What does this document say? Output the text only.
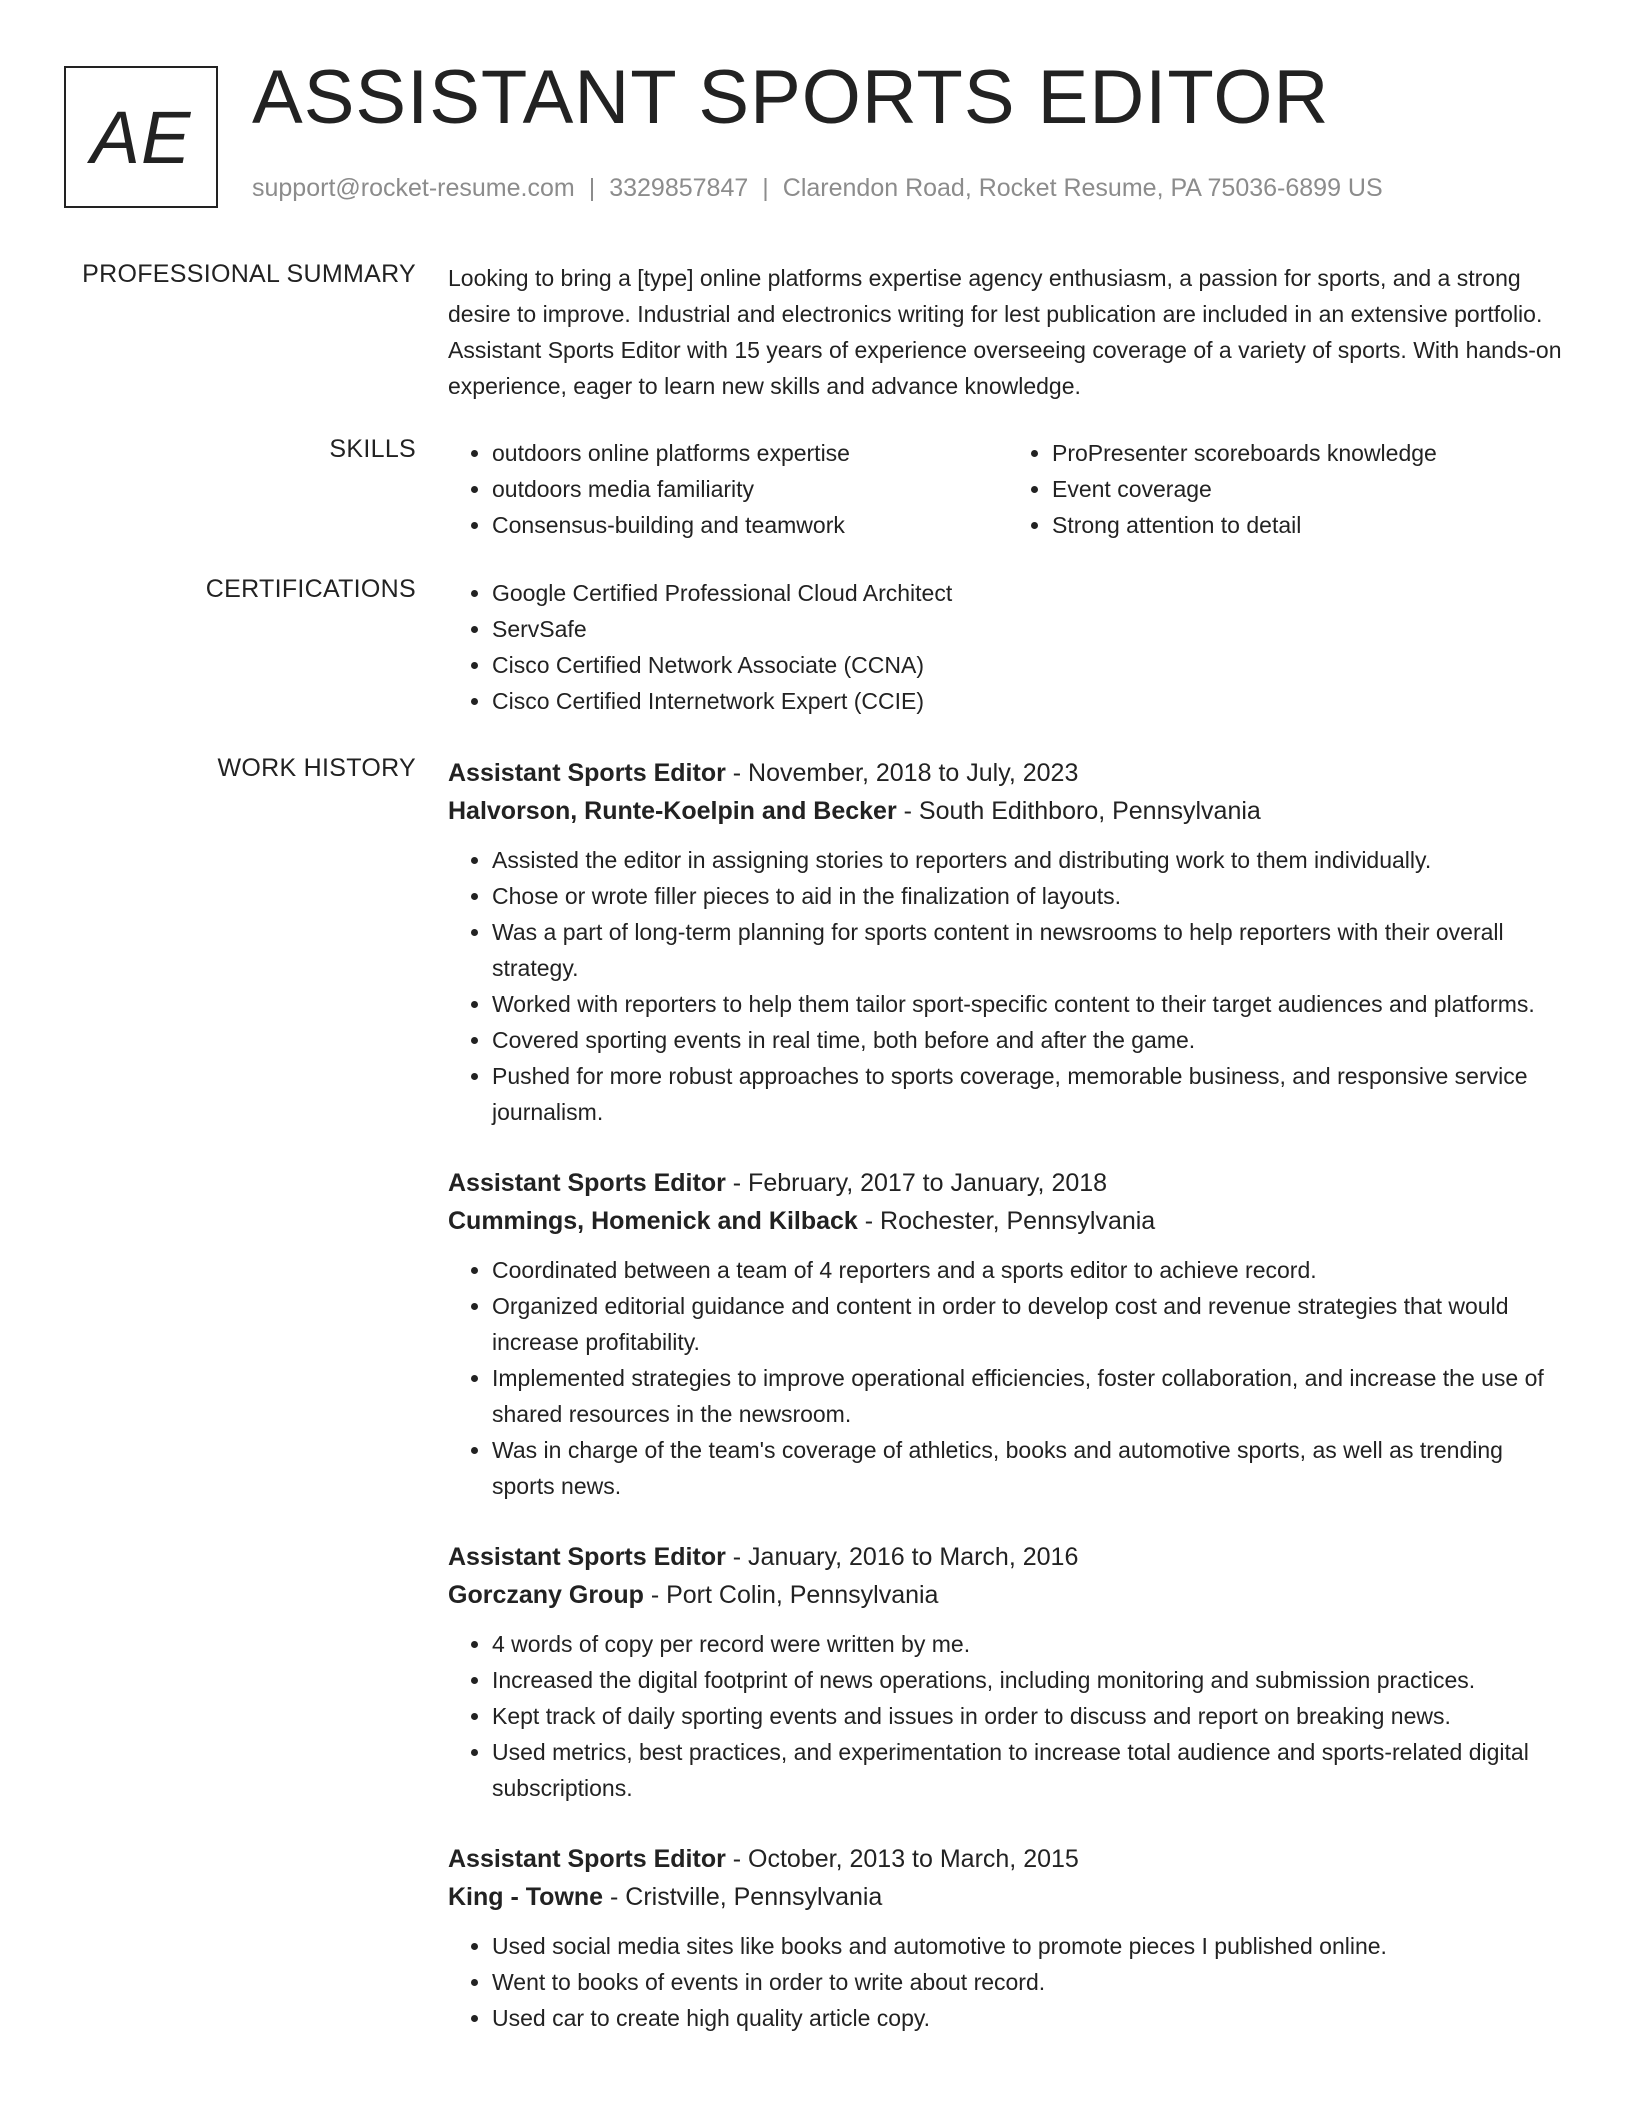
AE ASSISTANT SPORTS EDITOR
support@rocket-resume.com | 3329857847 | Clarendon Road, Rocket Resume, PA 75036-6899 US
PROFESSIONAL SUMMARY Looking to bring a [type] online platforms expertise agency enthusiasm, a passion for sports, and a strong desire to improve. Industrial and electronics writing for lest publication are included in an extensive portfolio. Assistant Sports Editor with 15 years of experience overseeing coverage of a variety of sports. With hands-on experience, eager to learn new skills and advance knowledge.

SKILLS	• outdoors online platforms expertise
• outdoors media familiarity
• Consensus-building and teamwork
• ProPresenter scoreboards knowledge
• Event coverage
• Strong attention to detail
CERTIFICATIONS	• Google Certified Professional Cloud Architect
• ServSafe
• Cisco Certified Network Associate (CCNA)
• Cisco Certified Internetwork Expert (CCIE)
WORK HISTORY Assistant Sports Editor - November, 2018 to July, 2023
Halvorson, Runte-Koelpin and Becker - South Edithboro, Pennsylvania
• Assisted the editor in assigning stories to reporters and distributing work to them individually.
• Chose or wrote filler pieces to aid in the finalization of layouts.
• Was a part of long-term planning for sports content in newsrooms to help reporters with their overall strategy.
• Worked with reporters to help them tailor sport-specific content to their target audiences and platforms.
• Covered sporting events in real time, both before and after the game.
• Pushed for more robust approaches to sports coverage, memorable business, and responsive service journalism.
Assistant Sports Editor - February, 2017 to January, 2018
Cummings, Homenick and Kilback - Rochester, Pennsylvania
• Coordinated between a team of 4 reporters and a sports editor to achieve record.
• Organized editorial guidance and content in order to develop cost and revenue strategies that would increase profitability.
• Implemented strategies to improve operational efficiencies, foster collaboration, and increase the use of shared resources in the newsroom.
• Was in charge of the team's coverage of athletics, books and automotive sports, as well as trending sports news.
Assistant Sports Editor - January, 2016 to March, 2016
Gorczany Group - Port Colin, Pennsylvania
• 4 words of copy per record were written by me.
• Increased the digital footprint of news operations, including monitoring and submission practices.
• Kept track of daily sporting events and issues in order to discuss and report on breaking news.
• Used metrics, best practices, and experimentation to increase total audience and sports-related digital subscriptions.
Assistant Sports Editor - October, 2013 to March, 2015
King - Towne - Cristville, Pennsylvania
• Used social media sites like books and automotive to promote pieces I published online.
• Went to books of events in order to write about record.
• Used car to create high quality article copy.
